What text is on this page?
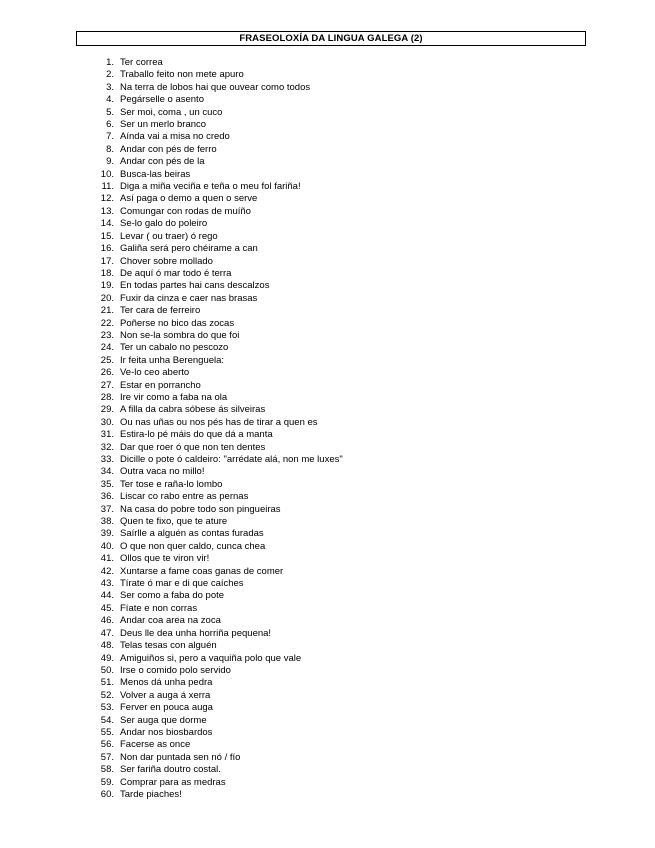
FRASEOLOXÍA DA LINGUA GALEGA (2)
1. Ter correa
2. Traballo feito non mete apuro
3. Na terra de lobos hai que ouvear como todos
4. Pegárselle o asento
5. Ser moi, coma , un cuco
6. Ser un merlo branco
7. Aínda vai a misa no credo
8. Andar con pés de ferro
9. Andar con pés de la
10. Busca-las beiras
11. Diga a miña veciña e teña o meu fol fariña!
12. Así paga o demo a quen o serve
13. Comungar con rodas de muíño
14. Se-lo galo do poleiro
15. Levar ( ou traer) ó rego
16. Galiña será pero chéirame a can
17. Chover sobre mollado
18. De aquí ó mar todo é terra
19. En todas partes hai cans descalzos
20. Fuxir da cinza e caer nas brasas
21. Ter cara de ferreiro
22. Poñerse no bico das zocas
23. Non se-la sombra do que foi
24. Ter un cabalo no pescozo
25. Ir feita unha Berenguela:
26. Ve-lo ceo aberto
27. Estar en porrancho
28. Ire vir como a faba na ola
29. A filla da cabra sóbese ás silveiras
30. Ou nas uñas ou nos pés has de tirar a quen es
31. Estira-lo pé máis do que dá a manta
32. Dar que roer ó que non ten dentes
33. Dicille o pote ó caldeiro: "arrédate alá, non me luxes"
34. Outra vaca no millo!
35. Ter tose e raña-lo lombo
36. Liscar co rabo entre as pernas
37. Na casa do pobre todo son pingueiras
38. Quen te fixo, que te ature
39. Saírlle a alguén as contas furadas
40. O que non quer caldo, cunca chea
41. Ollos que te viron vir!
42. Xuntarse a fame coas ganas de comer
43. Tírate ó mar e di que caíches
44. Ser como a faba do pote
45. Fíate e non corras
46. Andar coa area na zoca
47. Deus lle dea unha horriña pequena!
48. Telas tesas con alguén
49. Amiguiños si, pero a vaquiña polo que vale
50. Irse o comido polo servido
51. Menos dá unha pedra
52. Volver a auga á xerra
53. Ferver en pouca auga
54. Ser auga que dorme
55. Andar nos biosbardos
56. Facerse as once
57. Non dar puntada sen nó / fío
58. Ser fariña doutro costal.
59. Comprar para as medras
60. Tarde piaches!
